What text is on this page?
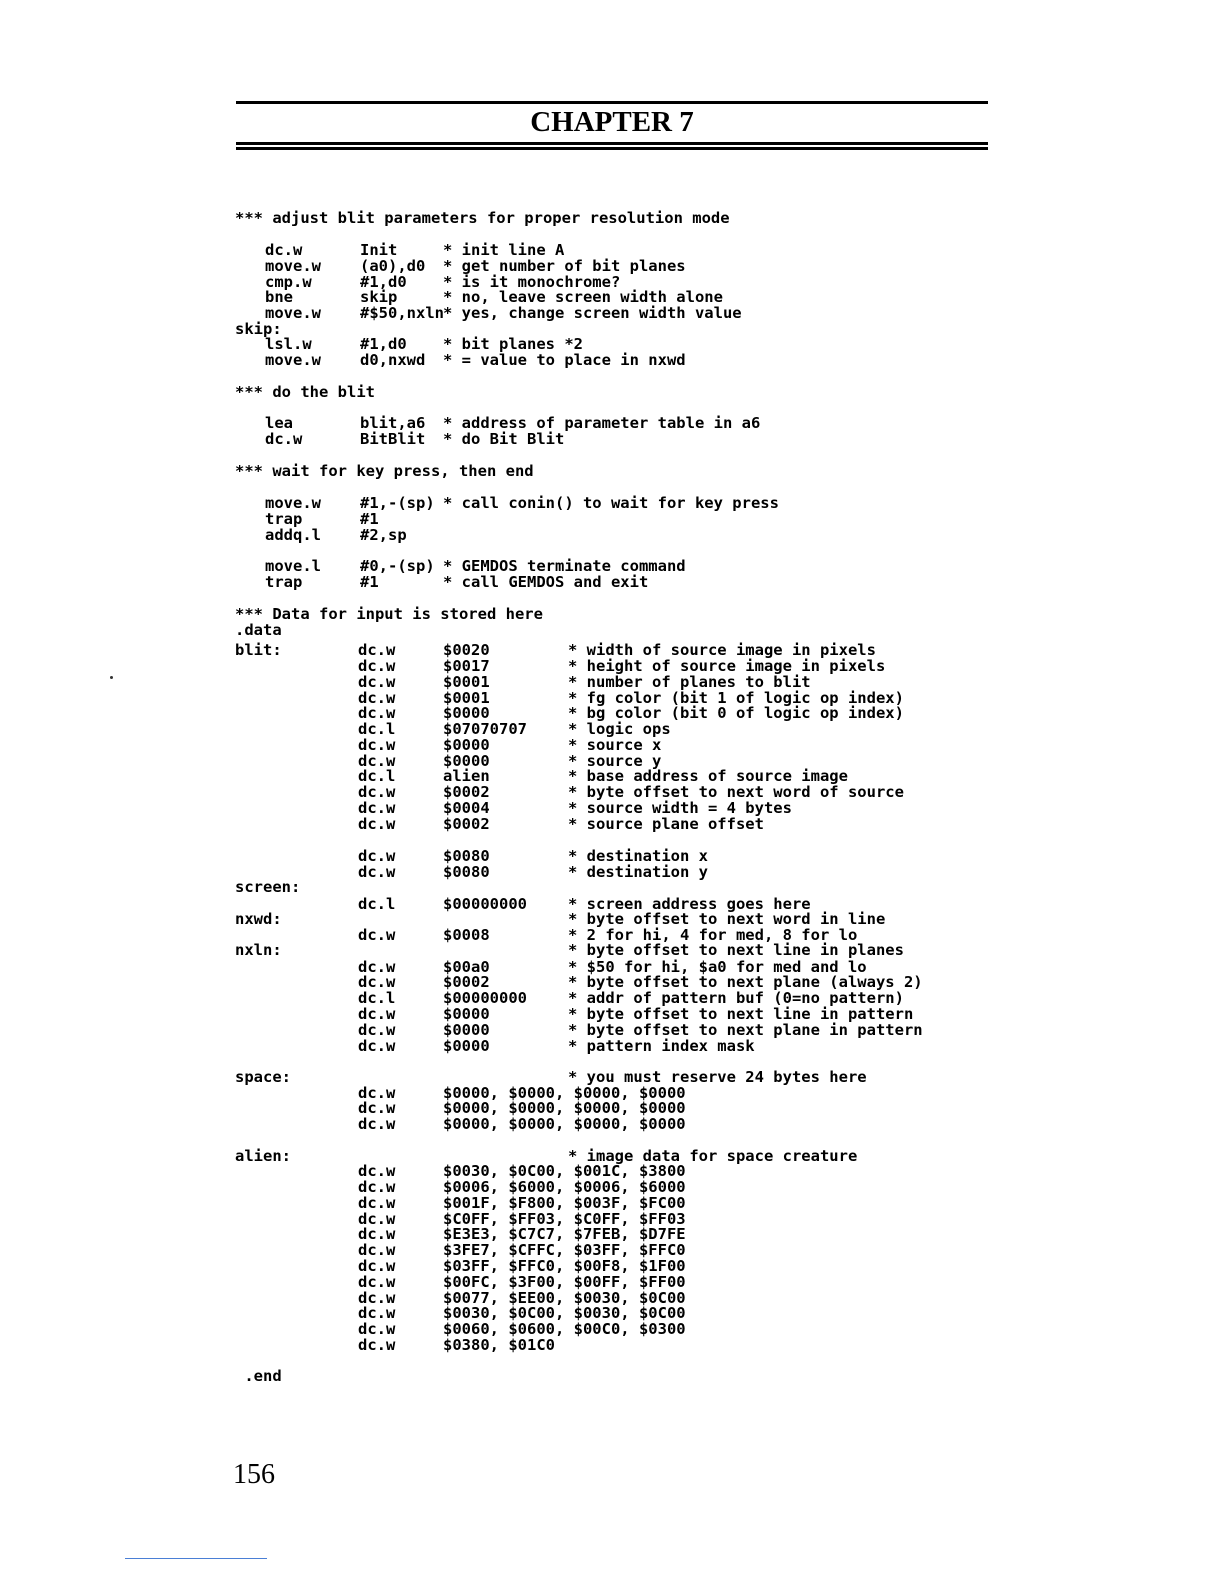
CHAPTER 7
*** adjust blit parameters for proper resolution mode
dc.w	Init	* init line A
move.w	(a0),d0 * get number of bit planes
cmp.w	#1,d0 * is it monochrome?
bne	skip	* no, leave screen width alone
move.w	#$50,nxln * yes, change screen width value
skip:
lsl.w	#1,d0 * bit planes *2
move.w	d0,nxwd * = value to place in nxwd
*** do the blit
lea	blit,a6 * address of parameter table in a6
dc.w	BitBlit * do Bit Blit
*** wait for key press, then end
move.w	#1,-(sp) * call conin() to wait for key press
trap	#1
addq.l	#2,sp
move.l	#0,-(sp) * GEMDOS terminate command
trap	#1	* call GEMDOS and exit
*** Data for input is stored here
.data
blit:	dc.w	$0020	* width of source image in pixels
dc.w	$0017	* height of source image in pixels
dc.w	$0001	* number of planes to blit
dc.w	$0001	* fg color (bit 1 of logic op index)
dc.w	$0000	* bg color (bit 0 of logic op index)
dc.l	$07070707	* logic ops
dc.w	$0000	* source x
dc.w	$0000	* source y
dc.l	alien	* base address of source image
dc.w	$0002	* byte offset to next word of source
dc.w	$0004	* source width = 4 bytes
dc.w	$0002	* source plane offset
dc.w	$0080	* destination x
dc.w	$0080	* destination y
screen:
dc.l	$00000000	* screen address goes here
nxwd:	* byte offset to next word in line
dc.w	$0008	* 2 for hi, 4 for med, 8 for lo
nxln:	* byte offset to next line in planes
dc.w	$00a0	* $50 for hi, $a0 for med and lo
dc.w	$0002	* byte offset to next plane (always 2)
dc.l	$00000000	* addr of pattern buf (0=no pattern)
dc.w	$0000	* byte offset to next line in pattern
dc.w	$0000	* byte offset to next plane in pattern
dc.w	$0000	* pattern index mask
space:	* you must reserve 24 bytes here
dc.w	$0000, $0000, $0000, $0000
dc.w	$0000, $0000, $0000, $0000
dc.w	$0000, $0000, $0000, $0000
alien:	* image data for space creature
dc.w	$0030, $0C00, $001C, $3800
dc.w	$0006, $6000, $0006, $6000
dc.w	$001F, $F800, $003F, $FC00
dc.w	$C0FF, $FF03, $C0FF, $FF03
dc.w	$E3E3, $C7C7, $7FEB, $D7FE
dc.w	$3FE7, $CFFC, $03FF, $FFC0
dc.w	$03FF, $FFC0, $00F8, $1F00
dc.w	$00FC, $3F00, $00FF, $FF00
dc.w	$0077, $EE00, $0030, $0C00
dc.w	$0030, $0C00, $0030, $0C00
dc.w	$0060, $0600, $00C0, $0300
dc.w	$0380, $01C0
.end
156
